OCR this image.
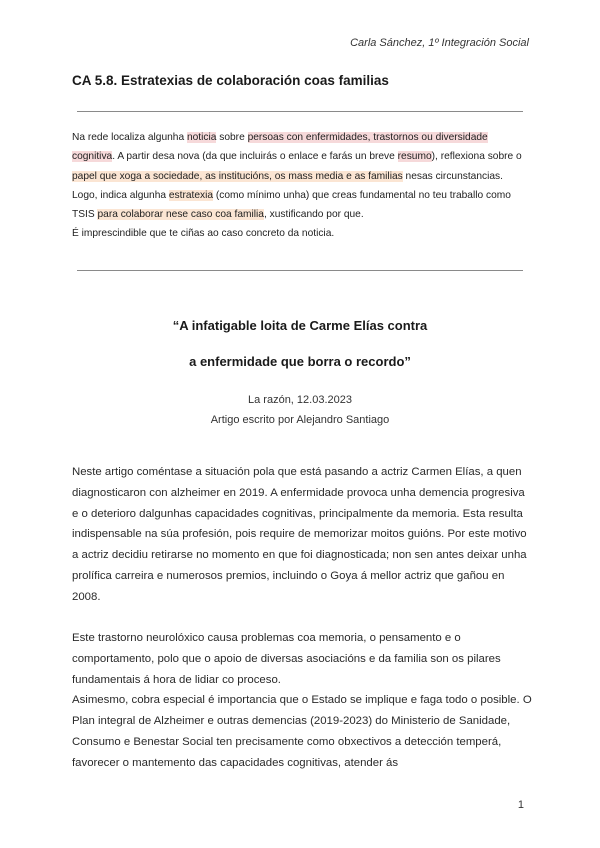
Carla Sánchez, 1º Integración Social
CA 5.8. Estratexias de colaboración coas familias

Na rede localiza algunha noticia sobre persoas con enfermidades, trastornos ou diversidade cognitiva. A partir desa nova (da que incluirás o enlace e farás un breve resumo), reflexiona sobre o papel que xoga a sociedade, as institucións, os mass media e as familias nesas circunstancias.

Logo, indica algunha estratexia (como mínimo unha) que creas fundamental no teu traballo como TSIS para colaborar nese caso coa familia, xustificando por que.

É imprescindible que te ciñas ao caso concreto da noticia.

“A infatigable loita de Carme Elías contra
a enfermidade que borra o recordo”
La razón, 12.03.2023
Artigo escrito por Alejandro Santiago

Neste artigo coméntase a situación pola que está pasando a actriz Carmen Elías, a quen diagnosticaron con alzheimer en 2019. A enfermidade provoca unha demencia progresiva e o deterioro dalgunhas capacidades cognitivas, principalmente da memoria. Esta resulta indispensable na súa profesión, pois require de memorizar moitos guións. Por este motivo a actriz decidiu retirarse no momento en que foi diagnosticada; non sen antes deixar unha prolífica carreira e numerosos premios, incluindo o Goya á mellor actriz que gañou en 2008.

Este trastorno neurolóxico causa problemas coa memoria, o pensamento e o comportamento, polo que o apoio de diversas asociacións e da familia son os pilares fundamentais á hora de lidiar co proceso.

Asimesmo, cobra especial é importancia que o Estado se implique e faga todo o posible. O Plan integral de Alzheimer e outras demencias (2019-2023) do Ministerio de Sanidade, Consumo e Benestar Social ten precisamente como obxectivos a detección temperá, favorecer o mantemento das capacidades cognitivas, atender ás

1
